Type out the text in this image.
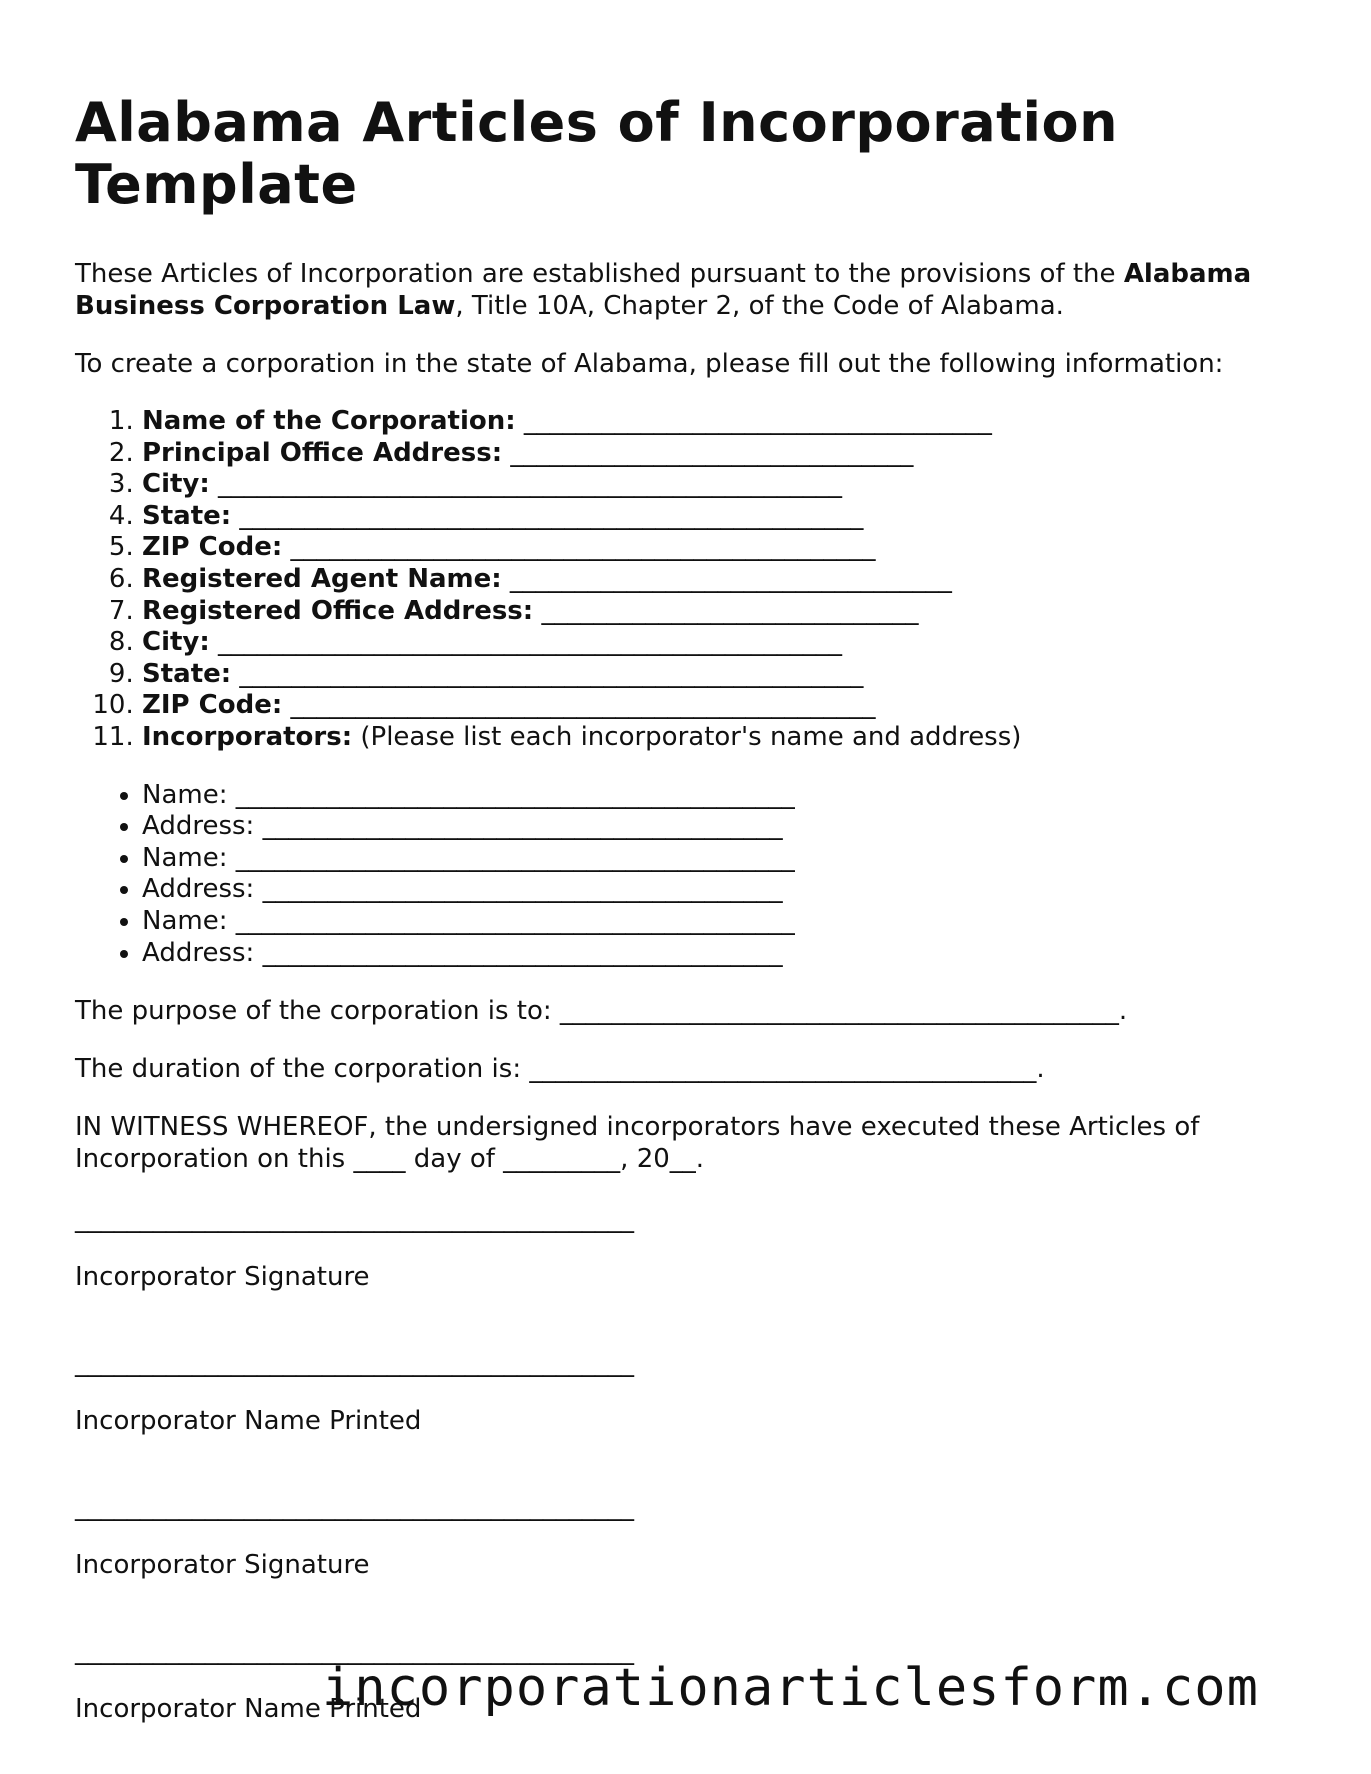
Alabama Articles of Incorporation Template

These Articles of Incorporation are established pursuant to the provisions of the Alabama Business Corporation Law, Title 10A, Chapter 2, of the Code of Alabama.

To create a corporation in the state of Alabama, please fill out the following information:

1. Name of the Corporation: ____________________________________
2. Principal Office Address: _______________________________
3. City: ________________________________________________
4. State: ________________________________________________
5. ZIP Code: _____________________________________________
6. Registered Agent Name: __________________________________
7. Registered Office Address: _____________________________
8. City: ________________________________________________
9. State: ________________________________________________
10. ZIP Code: _____________________________________________
11. Incorporators: (Please list each incorporator's name and address)
• Name: ___________________________________________
• Address: ________________________________________
• Name: ___________________________________________
• Address: ________________________________________
• Name: ___________________________________________
• Address: ________________________________________

The purpose of the corporation is to: ___________________________________________.

The duration of the corporation is: _______________________________________.

IN WITNESS WHEREOF, the undersigned incorporators have executed these Articles of Incorporation on this ____ day of _________, 20__.

___________________________________________
Incorporator Signature
___________________________________________
Incorporator Name Printed
___________________________________________
Incorporator Signature
___________________________________________
Incorporator Name Printed
incorporationarticlesform.com
